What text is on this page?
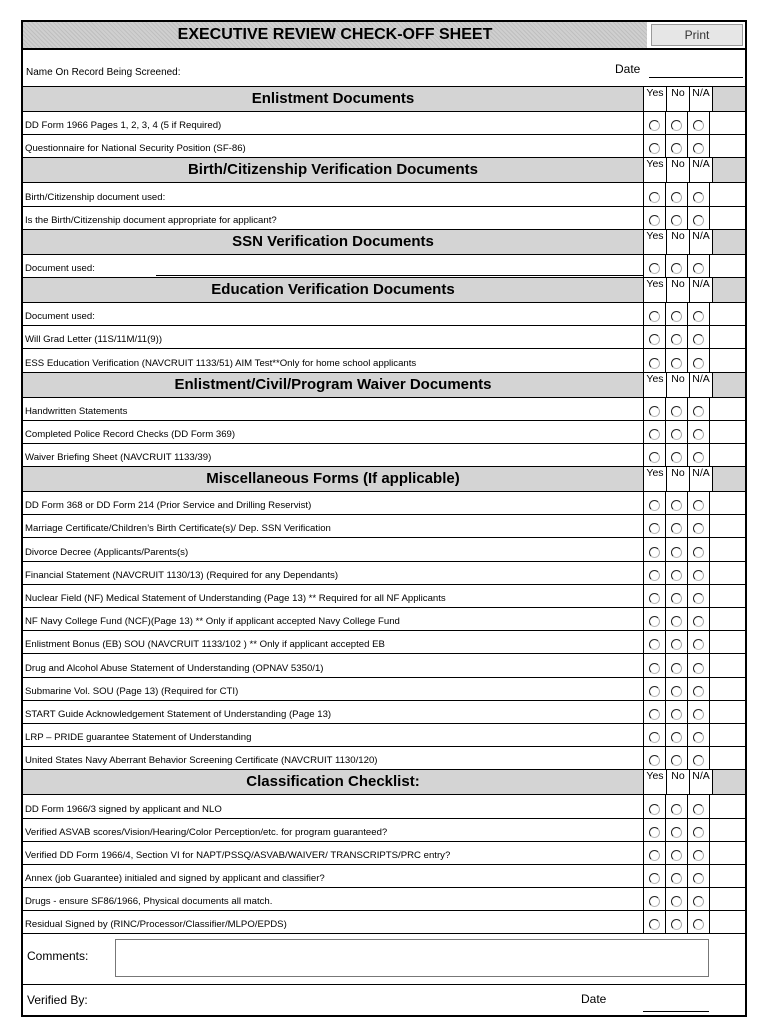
EXECUTIVE REVIEW CHECK-OFF SHEET	Print
Name On Record Being Screened:	Date
Enlistment Documents	Yes No N/A
DD Form 1966 Pages 1, 2, 3, 4 (5 if Required)
Questionnaire for National Security Position (SF-86)
Birth/Citizenship Verification Documents	Yes No N/A
Birth/Citizenship document used:
Is the Birth/Citizenship document appropriate for applicant?
SSN Verification Documents	Yes No N/A
Document used:
Education Verification Documents	Yes No N/A
Document used:
Will Grad Letter (11S/11M/11(9))
ESS Education Verification (NAVCRUIT 1133/51) AIM Test**Only for home school applicants
Enlistment/Civil/Program Waiver Documents	Yes No N/A
Handwritten Statements
Completed Police Record Checks (DD Form 369)
Waiver Briefing Sheet (NAVCRUIT 1133/39)
Miscellaneous Forms (If applicable)	Yes No N/A
DD Form 368 or DD Form 214 (Prior Service and Drilling Reservist)
Marriage Certificate/Children’s Birth Certificate(s)/ Dep. SSN Verification
Divorce Decree (Applicants/Parents(s)
Financial Statement (NAVCRUIT 1130/13) (Required for any Dependants)
Nuclear Field (NF) Medical Statement of Understanding (Page 13) ** Required for all NF Applicants
NF Navy College Fund (NCF)(Page 13) ** Only if applicant accepted Navy College Fund
Enlistment Bonus (EB) SOU (NAVCRUIT 1133/102 ) ** Only if applicant accepted EB
Drug and Alcohol Abuse Statement of Understanding (OPNAV 5350/1)
Submarine Vol. SOU (Page 13) (Required for CTI)
START Guide Acknowledgement Statement of Understanding (Page 13)
LRP – PRIDE guarantee Statement of Understanding
United States Navy Aberrant Behavior Screening Certificate (NAVCRUIT 1130/120)
Classification Checklist:	Yes No N/A
DD Form 1966/3 signed by applicant and NLO
Verified ASVAB scores/Vision/Hearing/Color Perception/etc. for program guaranteed?
Verified DD Form 1966/4, Section VI for NAPT/PSSQ/ASVAB/WAIVER/ TRANSCRIPTS/PRC entry?
Annex (job Guarantee) initialed and signed by applicant and classifier?
Drugs - ensure SF86/1966, Physical documents all match.
Residual Signed by (RINC/Processor/Classifier/MLPO/EPDS)
Comments:
Verified By:	Date
